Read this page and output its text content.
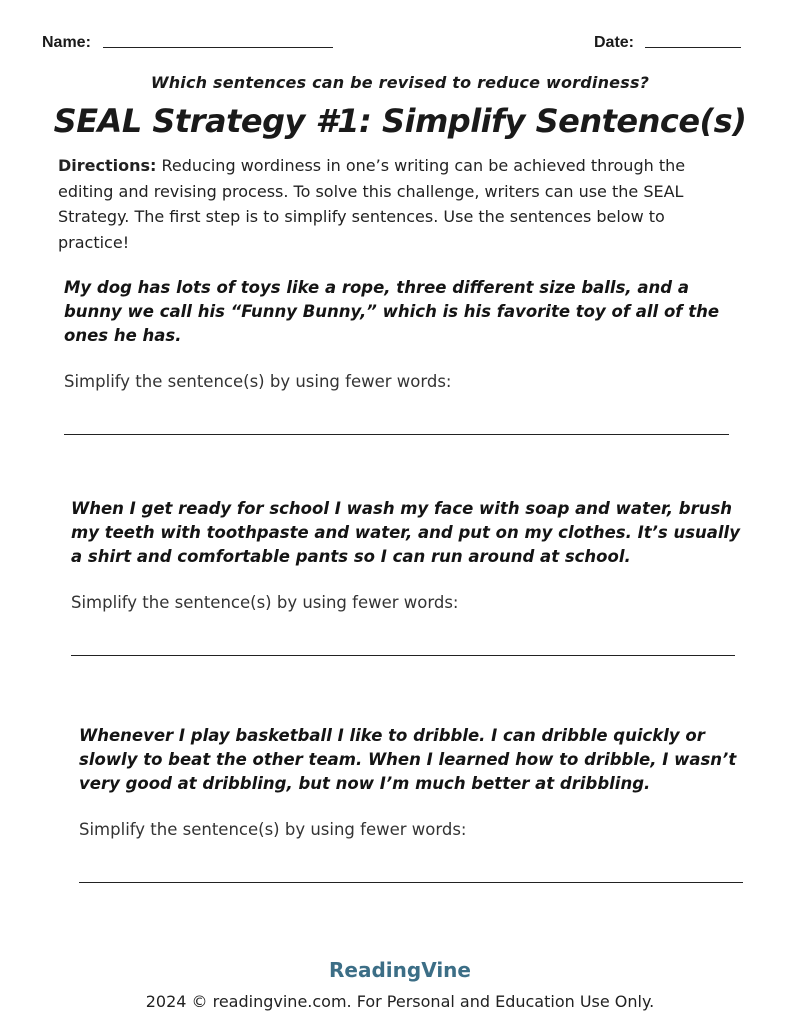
Name:	Date:
Which sentences can be revised to reduce wordiness?
SEAL Strategy #1: Simplify Sentence(s)
Directions: Reducing wordiness in one’s writing can be achieved through the editing and revising process. To solve this challenge, writers can use the SEAL Strategy. The first step is to simplify sentences. Use the sentences below to practice!
My dog has lots of toys like a rope, three different size balls, and a bunny we call his “Funny Bunny,” which is his favorite toy of all of the ones he has.
Simplify the sentence(s) by using fewer words:
When I get ready for school I wash my face with soap and water, brush my teeth with toothpaste and water, and put on my clothes. It’s usually a shirt and comfortable pants so I can run around at school.
Simplify the sentence(s) by using fewer words:
Whenever I play basketball I like to dribble. I can dribble quickly or slowly to beat the other team. When I learned how to dribble, I wasn’t very good at dribbling, but now I’m much better at dribbling.
Simplify the sentence(s) by using fewer words:
ReadingVine
2024 © readingvine.com. For Personal and Education Use Only.
